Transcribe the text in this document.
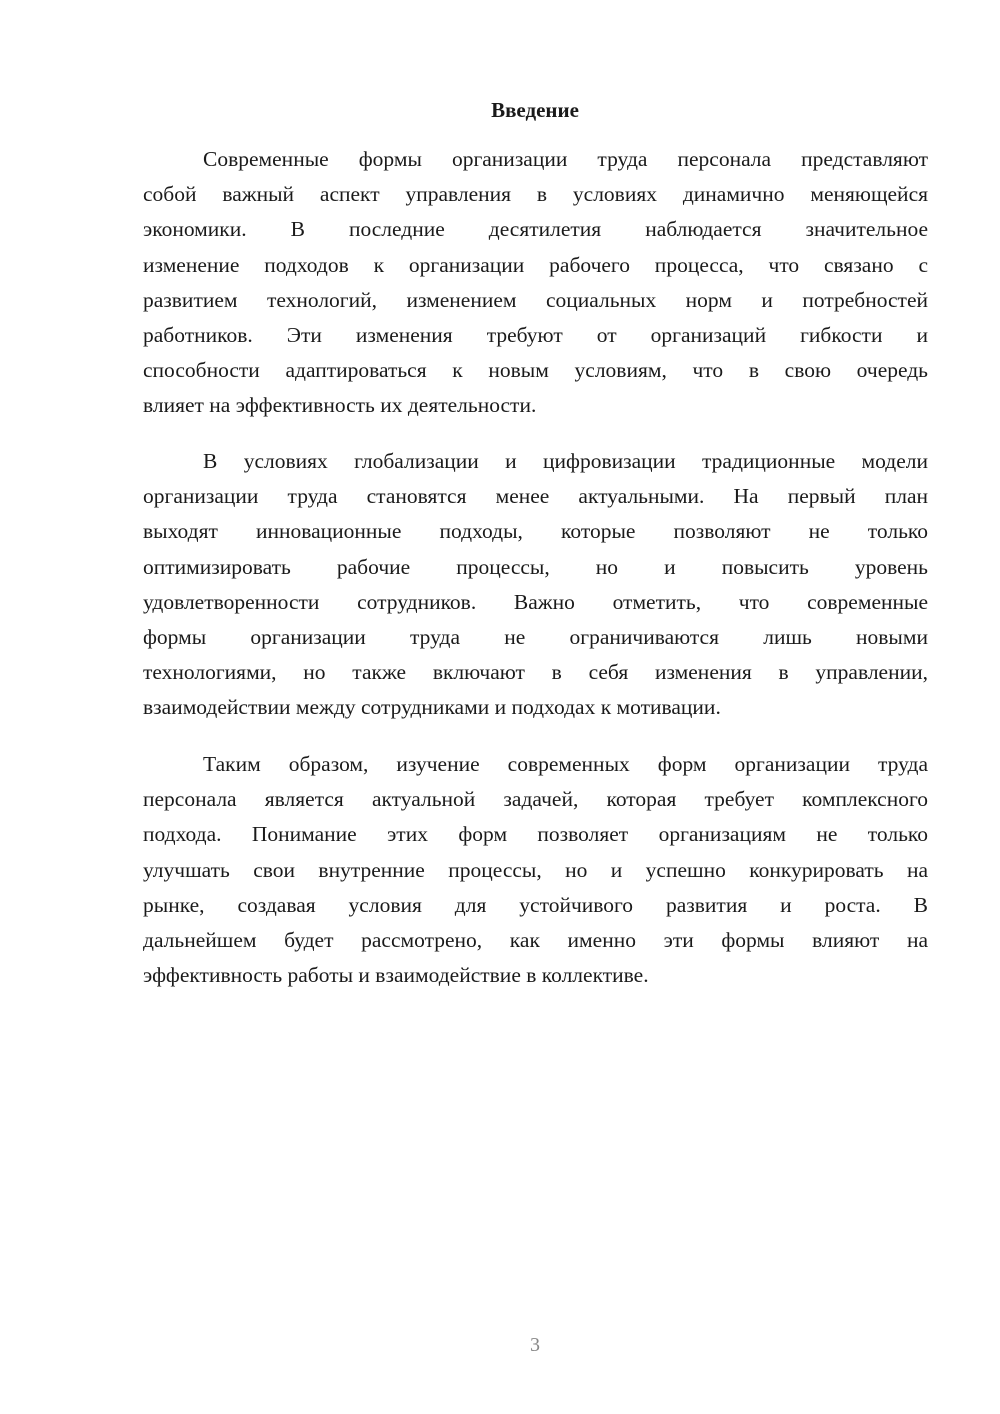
Введение
Современные формы организации труда персонала представляют
собой важный аспект управления в условиях динамично меняющейся
экономики. В последние десятилетия наблюдается значительное
изменение подходов к организации рабочего процесса, что связано с
развитием технологий, изменением социальных норм и потребностей
работников. Эти изменения требуют от организаций гибкости и
способности адаптироваться к новым условиям, что в свою очередь
влияет на эффективность их деятельности.
В условиях глобализации и цифровизации традиционные модели
организации труда становятся менее актуальными. На первый план
выходят инновационные подходы, которые позволяют не только
оптимизировать рабочие процессы, но и повысить уровень
удовлетворенности сотрудников. Важно отметить, что современные
формы организации труда не ограничиваются лишь новыми
технологиями, но также включают в себя изменения в управлении,
взаимодействии между сотрудниками и подходах к мотивации.
Таким образом, изучение современных форм организации труда
персонала является актуальной задачей, которая требует комплексного
подхода. Понимание этих форм позволяет организациям не только
улучшать свои внутренние процессы, но и успешно конкурировать на
рынке, создавая условия для устойчивого развития и роста. В
дальнейшем будет рассмотрено, как именно эти формы влияют на
эффективность работы и взаимодействие в коллективе.
3
